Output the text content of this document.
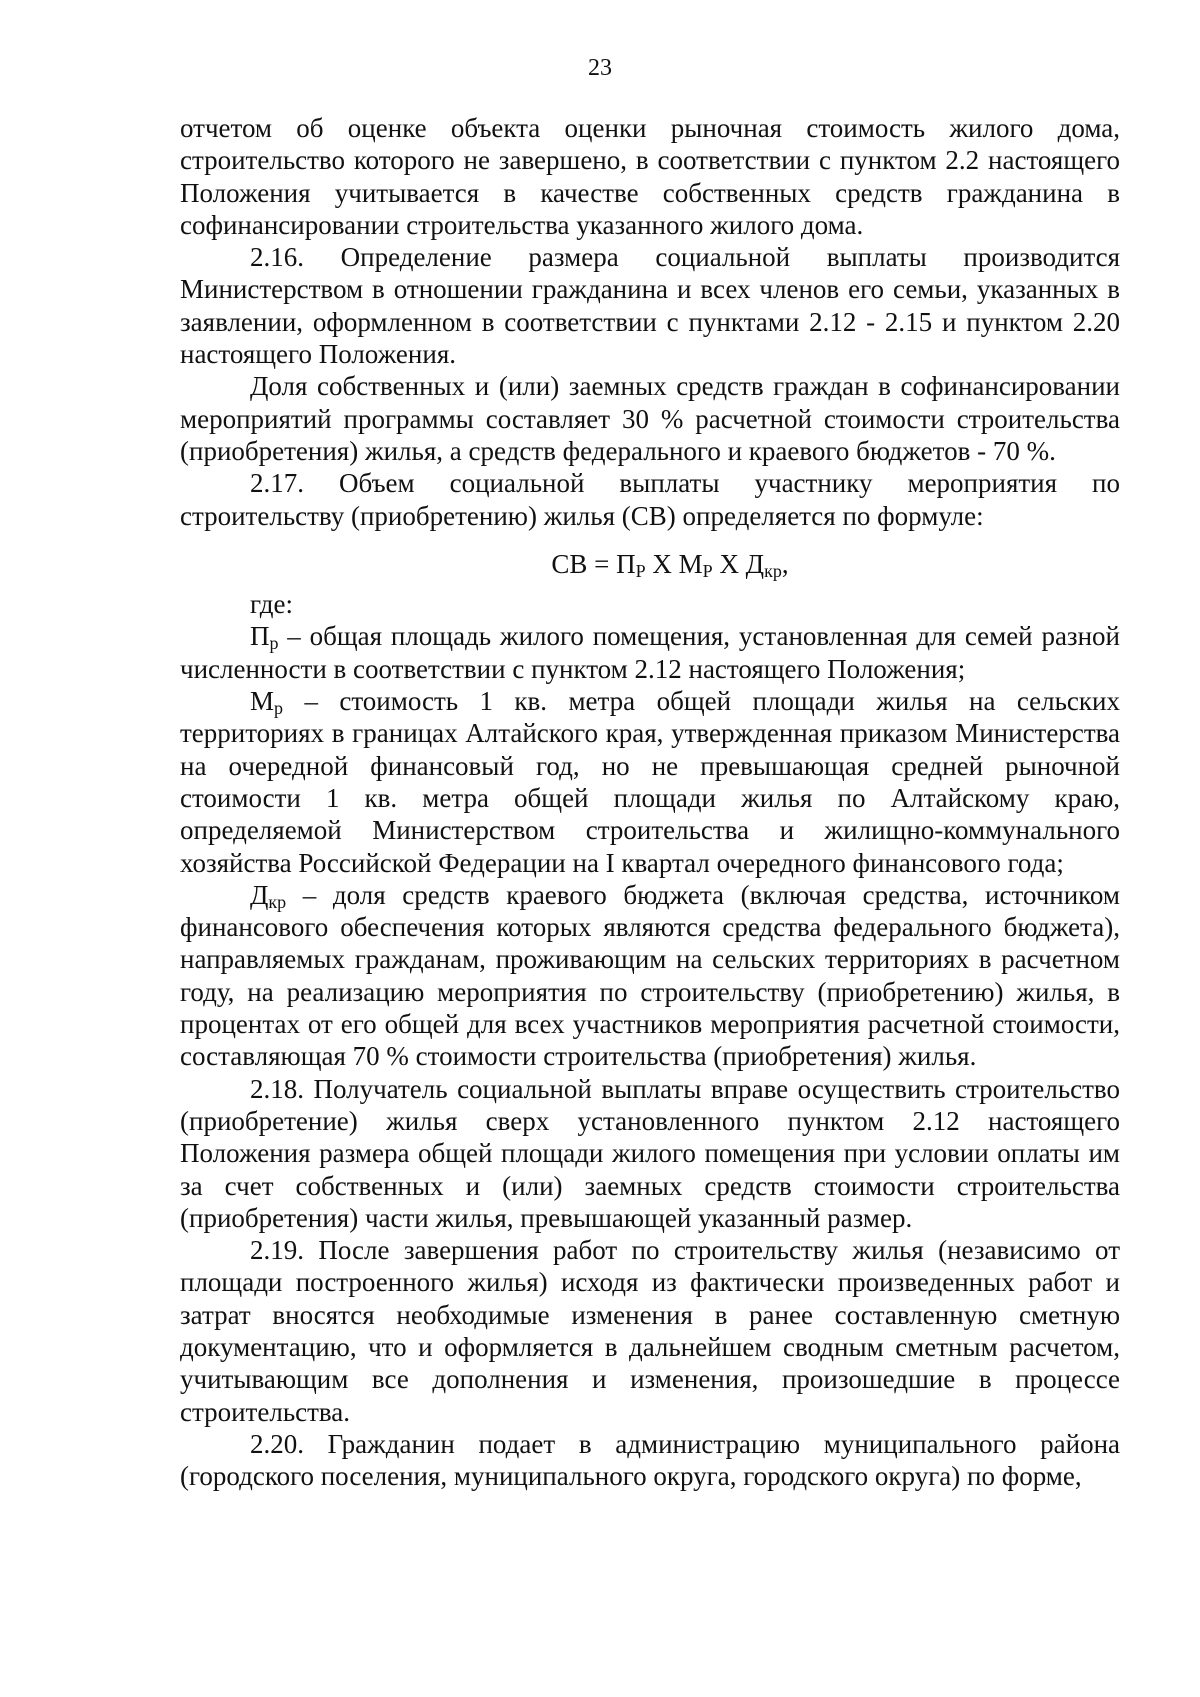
23

отчетом об оценке объекта оценки рыночная стоимость жилого дома, строительство которого не завершено, в соответствии с пунктом 2.2 настоящего Положения учитывается в качестве собственных средств гражданина в софинансировании строительства указанного жилого дома.

2.16. Определение размера социальной выплаты производится Министерством в отношении гражданина и всех членов его семьи, указанных в заявлении, оформленном в соответствии с пунктами 2.12 - 2.15 и пунктом 2.20 настоящего Положения.

Доля собственных и (или) заемных средств граждан в софинансировании мероприятий программы составляет 30 % расчетной стоимости строительства (приобретения) жилья, а средств федерального и краевого бюджетов - 70 %.

2.17. Объем социальной выплаты участнику мероприятия по строительству (приобретению) жилья (СВ) определяется по формуле:

СВ = $П_Р$ Х $М_Р$ Х $Д_{кр}$,

где:

$П_р$ – общая площадь жилого помещения, установленная для семей разной численности в соответствии с пунктом 2.12 настоящего Положения;

$М_р$ – стоимость 1 кв. метра общей площади жилья на сельских территориях в границах Алтайского края, утвержденная приказом Министерства на очередной финансовый год, но не превышающая средней рыночной стоимости 1 кв. метра общей площади жилья по Алтайскому краю, определяемой Министерством строительства и жилищно-коммунального хозяйства Российской Федерации на I квартал очередного финансового года;

$Д_{кр}$ – доля средств краевого бюджета (включая средства, источником финансового обеспечения которых являются средства федерального бюджета), направляемых гражданам, проживающим на сельских территориях в расчетном году, на реализацию мероприятия по строительству (приобретению) жилья, в процентах от его общей для всех участников мероприятия расчетной стоимости, составляющая 70 % стоимости строительства (приобретения) жилья.

2.18. Получатель социальной выплаты вправе осуществить строительство (приобретение) жилья сверх установленного пунктом 2.12 настоящего Положения размера общей площади жилого помещения при условии оплаты им за счет собственных и (или) заемных средств стоимости строительства (приобретения) части жилья, превышающей указанный размер.

2.19. После завершения работ по строительству жилья (независимо от площади построенного жилья) исходя из фактически произведенных работ и затрат вносятся необходимые изменения в ранее составленную сметную документацию, что и оформляется в дальнейшем сводным сметным расчетом, учитывающим все дополнения и изменения, произошедшие в процессе строительства.

2.20. Гражданин подает в администрацию муниципального района (городского поселения, муниципального округа, городского округа) по форме,
